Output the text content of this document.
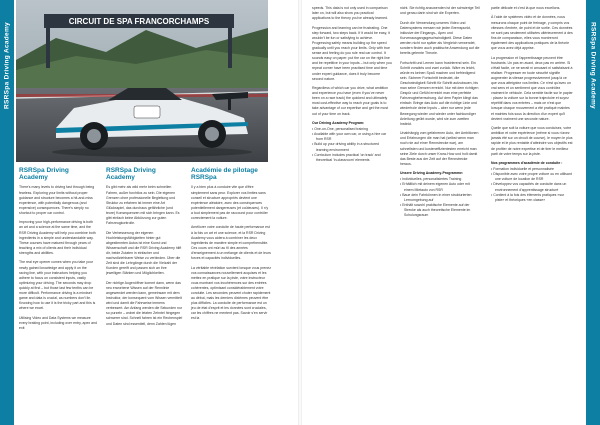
RSRSpa Driving Academy
CIRCUIT DE SPA FRANCORCHAMPS
RSRSpa Driving Academy

There's many levels to driving fast through being fearless. Exploring your limits without proper guidance and structure becomes a hit-and-miss experience, with potentially dangerous (and expensive) consequences. There's simply no shortcut to proper car control.

Improving your high-performance driving is both an art and a science at the same time, and the RSR Driving Academy will help you combine both ingredients in a simple and understandable way. These courses have matured through years of teaching a mix of clients and their individual strengths and abilities.

The real eye opener comes when you take your newly gained knowledge and apply it on the racing line, with your instructors helping you adhere to focus on consistent inputs, vastly optimizing your driving. The seconds may drop quickly at first – but those last few tenths can be more difficult. Performance driving is a mindset game and data is crucial, as numbers don't lie. Knowing how to use it is the tricky part and this is where we excel.

Utilising Video and Data Systems we measure every braking point, including over entry, apex and exit

RSRSpa Driving Academy

Es gibt mehr als wild mehr beim schnellen Fahren, außer furchtlos zu sein. Die eigenen Grenzen ohne professionelle Begleitung und Struktur zu erfahren ist immer eine Art Glücksspiel, das durchaus gefährliche (und teure) Konsequenzen mit sich bringen kann. Es gibt einfach keine Abkürzung zur guten Fahrzeugkontrolle.

Die Verbesserung der eigenen Hochleistungsfähigkeiten hinter gut abgestimmten Autos ist eine Kunst und Wissenschaft und die RSR Driving Academy hilft dir, beide Zutaten in einfacher und nachvollziehbarer Weise zu verbinden. Über die Zeit sind die Lehrgänge durch die Vielzahl der Kunden gereift und passen sich an ihre jeweiligen Stärken und Möglichkeiten.

Der richtige Augenöffner kommt dann, wenn das neu erworbene Wissen auf der Rennlinie angewendet werden kann, gemeinsam mit dem Instruktor, der konsequent vom Wissen vermittelt wird und damit die Fahrweise immens verbessert. Am Anfang werden die Sekunden nur so purzeln – wobei die letzten Zehntel hingegen schwerer sind. Schnell fahren ist ein Rechenspiel und Daten sind essentiell, denn Zahlen lügen

Académie de pilotage RSRSpa

Il y a bien plus à conduire vite que d'être simplement sans peur. Explorer vos limites sans conseil et structure appropriés devient une expérience aléatoire, avec des conséquences potentiellement dangereuses (et coûteuses). Il n'y a tout simplement pas de raccourci pour contrôler correctement la voiture.

Améliorer votre conduite de haute performance est à la fois un art et une science, et la RSR Driving Academy vous aidera à combiner les deux ingrédients de manière simple et compréhensible. Ces cours ont mûri au fil des années d'enseignement à un mélange de clients et de leurs forces et capacités individuelles.

La véritable révélation survient lorsque vous prenez vos connaissances nouvellement acquises et les mettez en pratique sur la piste, votre instructeur vous montrant vos incohérences sur des entrées cohérentes, optimisant considérablement votre conduite. Les secondes peuvent chuter rapidement au début, mais les derniers dixièmes peuvent être plus difficiles. La conduite de performance est un jeu de état d'esprit et les données sont cruciales, car les chiffres ne mentent pas. Savoir s'en servir est la

speeds. This data is not only used in comparison later on, but will also show you practical applications to the theory you've already learned.

Progression and learning can be frustrating. One step forward, two steps back. If it would be easy, it wouldn't be fun or satisfying to achieve. Progressing safely means building up the speed gradually until you reach your limits. Only with true sense and feeling do you rule real car control. It sounds easy on paper: put the car on the right line and be repetitive in your inputs – but only when you repeat corner have been practised time and time under expert guidance, does it truly become second nature.

Regardless of which car you drive, what ambition and experience you have (even if you've never been on a race track) the quickest and ultimately most cost-effective way to reach your goals is to take advantage of our expertise and get the most out of your time on track.

Our Driving Academy Program:
• One-on-One, personalised training
• Available with your own car, or using a hire car from RSR
• Build up your driving ability in a structured learning environment
• Curriculum includes practical 'on track' and theoretical 'in-classroom' elements

nicht. Sie richtig anzuwenden ist der schwierige Teil und genau darin sind wir die Experten.

Durch die Verwendung unseres Video und Datensystems messen wir jeden Bremspunkt, inklusive der Eingangs-, Apex und Kurvenausgangsgeschwindigkeit. Diese Daten werden nicht nur später als Vergleich verwendet, sondern finden auch praktische Anwendung auf die bereits gelernte Theorie.

Fortschritt und Lernen kann frustrierend sein. Ein Schritt vorwärts und zwei zurück. Wäre es leicht, würde es keinen Spaß machen und befriedigend sein. Sicherer Fortschritt bedeutet, die Geschwindigkeit Schritt für Schritt aufzubauen, bis man seine Grenzen erreicht. Nur mit dem richtigen Gespür und Gefühl erreicht man eine perfekte Fahrzeugbeherrschung. Auf dem Papier klingt das einfach: Bringe das Auto auf die richtige Linie und wiederhole deine Inputs – aber nur wenn jede Bewegung wieder und wieder unter fachkundiger Anleitung geübt wurde, wird sie zum zweiten Instinkt.

Unabhängig vom gefahrenen Auto, der Ambitionen und Erfahrungen die man hat (selbst wenn man noch nie auf einer Rennstrecke war), am schnellsten und kosteneffizientesten erreicht man seine Ziele durch unser Know-How und holt damit das Beste aus der Zeit auf der Rennstrecke heraus.

Unsere Driving Academy-Programme:
• Individuelles, personalisiertes Training
• Erhältlich mit deinem eigenen Auto oder mit einem Mietauto von RSR
• Baue dein Fahrkönnen in einer strukturierten Lernumgebung auf
• Enthält sowohl praktische Elemente auf der Strecke als auch theoretische Elemente im Schulungsraum

partie délicate et c'est là que nous excellons.

À l'aide de systèmes vidéo et de données, nous mesurons chaque point de freinage, y compris vos vitesses d'entrée, de point et de sortie. Ces données ne sont pas seulement utilisées ultérieurement à des fins de comparaison, elles vous montreront également des applications pratiques de la théorie que vous avez déjà apprise.

La progression et l'apprentissage peuvent être frustrants. Un pas en avant, deux pas en arrière. Si c'était facile, ce ne serait ni amusant ni satisfaisant à réaliser. Progresser en toute sécurité signifie augmenter la vitesse progressivement jusqu'à ce que vous atteigniez vos limites. Ce n'est qu'avec un vrai sens et un sentiment que vous contrôlez vraiment le véhicule. Cela semble facile sur le papier : placez la voiture sur la bonne trajectoire et soyez répétitif dans vos entrées – mais ce n'est que lorsque chaque mouvement a été pratiqué maintes et maintes fois sous la direction d'un expert qu'il devient vraiment une seconde nature.

Quelle que soit la voiture que vous conduisez, votre ambition et votre expérience (même si vous n'avez jamais été sur un circuit de course), le moyen le plus rapide et le plus rentable d'atteindre vos objectifs est de profiter de notre expertise et de tirer le meilleur parti de votre temps sur la piste.

Nos programmes d'académie de conduite :
• Formation individuelle et personnalisée
• Disponible avec votre propre voiture ou en utilisant une voiture de location de RSR
• Développez vos capacités de conduite dans un environnement d'apprentissage structuré
• Contient à la fois des éléments pratiques «sur piste» et théoriques «en classe»
RSRSpa Driving Academy
